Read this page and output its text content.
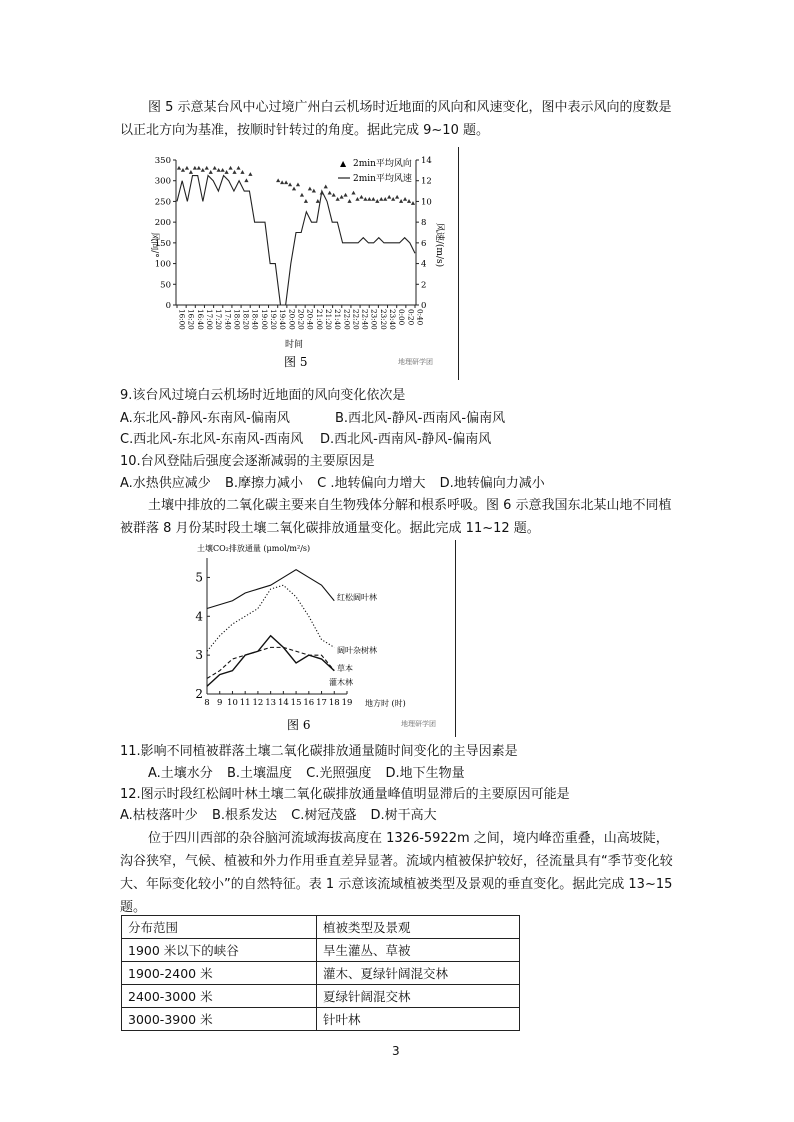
图 5 示意某台风中心过境广州白云机场时近地面的风向和风速变化，图中表示风向的度数是以正北方向为基准，按顺时针转过的角度。据此完成 9~10 题。

350
300
250
200
150
100
50
0
14
12
10
8
6
4
2
0
16:00 16:20 16:40 17:00 17:20 17:40 18:00 18:20 18:40 19:00 19:20 19:40 20:00 20:20 20:40 21:00 21:20 21:40 22:00 22:20 22:40 23:00 23:20 23:40 0:00 0:20 0:40
风向/°	风速/(m/s)
时间
▲ 2min平均风向
2min平均风速
图 5	地理研学团
9.该台风过境白云机场时近地面的风向变化依次是
A.东北风-静风-东南风-偏南风	B.西北风-静风-西南风-偏南风
C.西北风-东北风-东南风-西南风 D.西北风-西南风-静风-偏南风
10.台风登陆后强度会逐渐减弱的主要原因是
A.水热供应减少 B.摩擦力减小 C .地转偏向力增大 D.地转偏向力减小

土壤中排放的二氧化碳主要来自生物残体分解和根系呼吸。图 6 示意我国东北某山地不同植被群落 8 月份某时段土壤二氧化碳排放通量变化。据此完成 11~12 题。

土壤CO₂排放通量 (μmol/m²/s)
5
4
3
2
8 9 10 11 12 13 14 15 16 17 18 19 地方时 (时)
红松阔叶林
阔叶杂树林
草本
灌木林
图 6	地理研学团
11.影响不同植被群落土壤二氧化碳排放通量随时间变化的主导因素是
A.土壤水分 B.土壤温度 C.光照强度 D.地下生物量
12.图示时段红松阔叶林土壤二氧化碳排放通量峰值明显滞后的主要原因可能是
A.枯枝落叶少 B.根系发达 C.树冠茂盛 D.树干高大

位于四川西部的杂谷脑河流域海拔高度在 1326-5922m 之间，境内峰峦重叠，山高坡陡，沟谷狭窄，气候、植被和外力作用垂直差异显著。流域内植被保护较好，径流量具有“季节变化较大、年际变化较小”的自然特征。表 1 示意该流域植被类型及景观的垂直变化。据此完成 13~15 题。

分布范围	植被类型及景观
1900 米以下的峡谷	旱生灌丛、草被
1900-2400 米	灌木、夏绿针阔混交林
2400-3000 米	夏绿针阔混交林
3000-3900 米	针叶林
3
